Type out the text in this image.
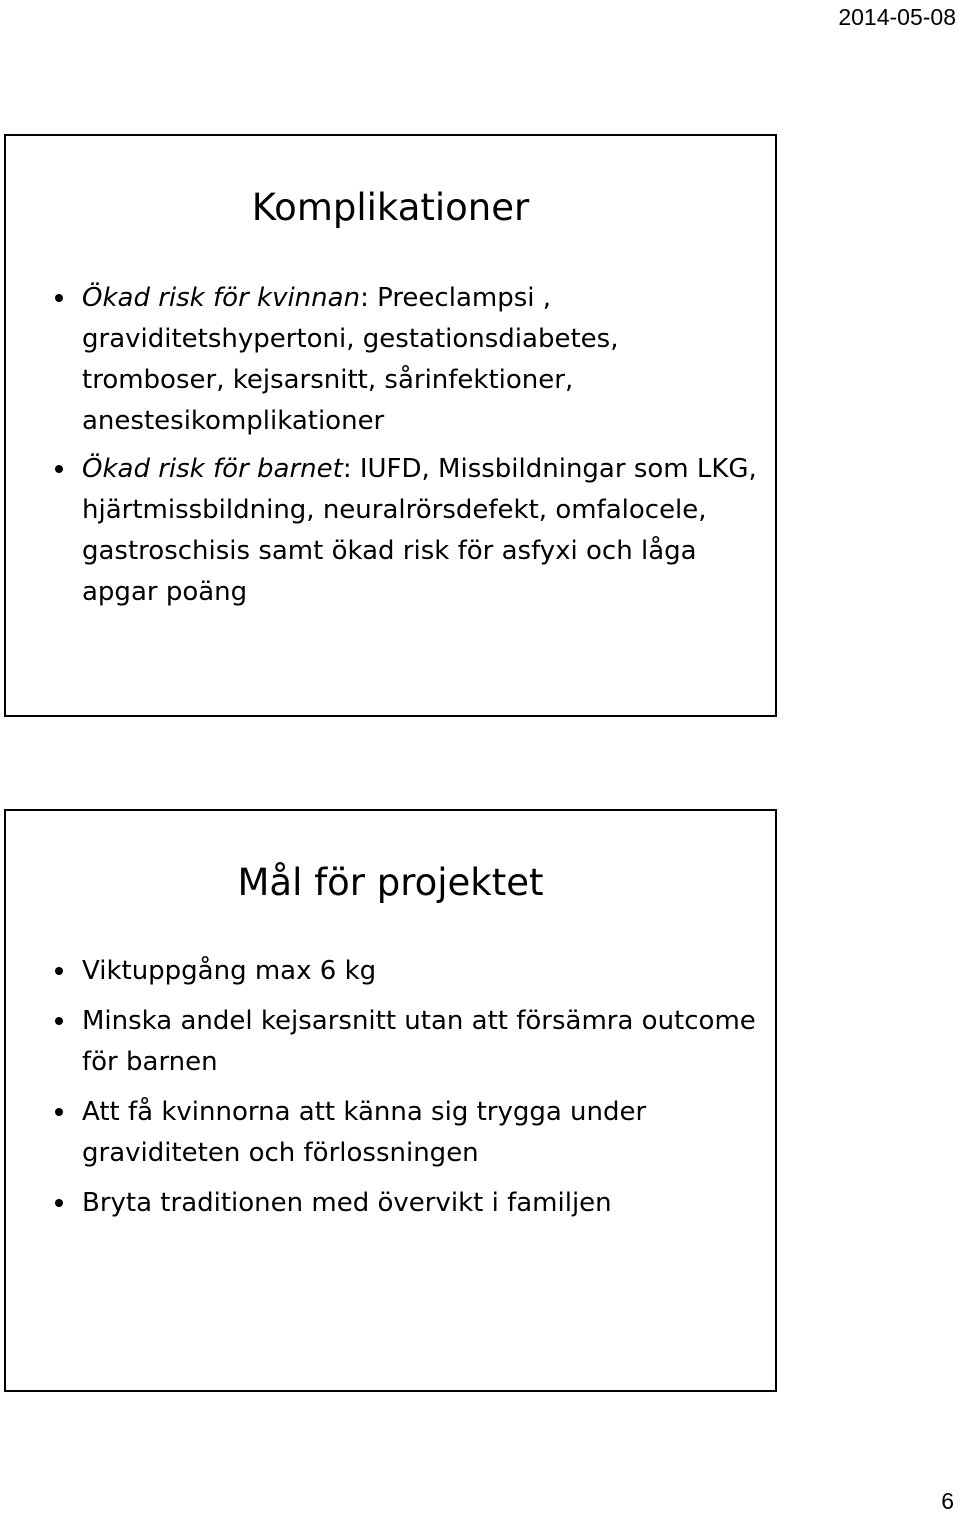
2014-05-08
Komplikationer
Ökad risk för kvinnan: Preeclampsi , graviditetshypertoni, gestationsdiabetes, tromboser, kejsarsnitt, sårinfektioner, anestesikomplikationer
Ökad risk för barnet: IUFD, Missbildningar som LKG, hjärtmissbildning, neuralrörsdefekt, omfalocele, gastroschisis samt ökad risk för asfyxi och låga apgar poäng
Mål för projektet
Viktuppgång max 6 kg
Minska andel kejsarsnitt utan att försämra outcome för barnen
Att få kvinnorna att känna sig trygga under graviditeten och förlossningen
Bryta traditionen med övervikt i familjen
6
